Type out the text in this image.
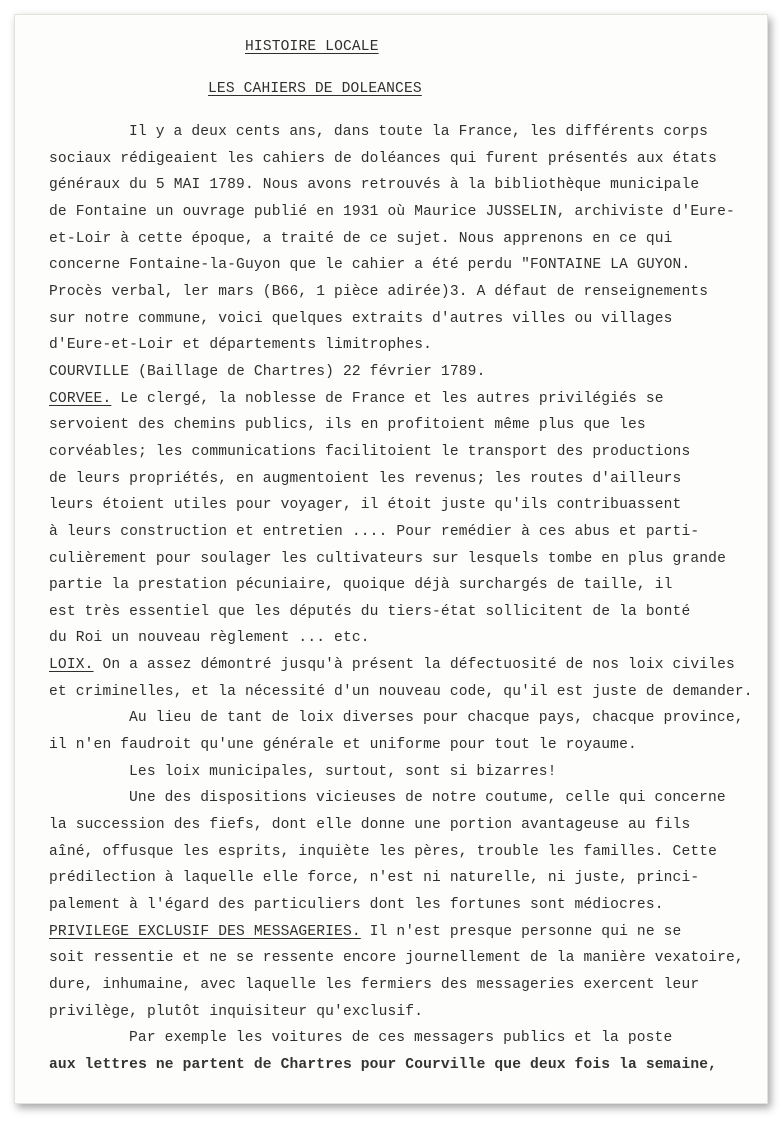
HISTOIRE LOCALE
LES CAHIERS DE DOLEANCES
Il y a deux cents ans, dans toute la France, les différents corps
sociaux rédigeaient les cahiers de doléances qui furent présentés aux états
généraux du 5 MAI 1789. Nous avons retrouvés à la bibliothèque municipale
de Fontaine un ouvrage publié en 1931 où Maurice JUSSELIN, archiviste d'Eure-
et-Loir à cette époque, a traité de ce sujet. Nous apprenons en ce qui
concerne Fontaine-la-Guyon que le cahier a été perdu "FONTAINE LA GUYON.
Procès verbal, ler mars (B66, 1 pièce adirée)3. A défaut de renseignements
sur notre commune, voici quelques extraits d'autres villes ou villages
d'Eure-et-Loir et départements limitrophes.
COURVILLE (Baillage de Chartres) 22 février 1789.
CORVEE. Le clergé, la noblesse de France et les autres privilégiés se
servoient des chemins publics, ils en profitoient même plus que les
corvéables; les communications facilitoient le transport des productions
de leurs propriétés, en augmentoient les revenus; les routes d'ailleurs
leurs étoient utiles pour voyager, il étoit juste qu'ils contribuassent
à leurs construction et entretien .... Pour remédier à ces abus et parti-
culièrement pour soulager les cultivateurs sur lesquels tombe en plus grande
partie la prestation pécuniaire, quoique déjà surchargés de taille, il
est très essentiel que les députés du tiers-état sollicitent de la bonté
du Roi un nouveau règlement ... etc.
LOIX. On a assez démontré jusqu'à présent la défectuosité de nos loix civiles
et criminelles, et la nécessité d'un nouveau code, qu'il est juste de demander.
Au lieu de tant de loix diverses pour chacque pays, chacque province,
il n'en faudroit qu'une générale et uniforme pour tout le royaume.
Les loix municipales, surtout, sont si bizarres!
Une des dispositions vicieuses de notre coutume, celle qui concerne
la succession des fiefs, dont elle donne une portion avantageuse au fils
aîné, offusque les esprits, inquiète les pères, trouble les familles. Cette
prédilection à laquelle elle force, n'est ni naturelle, ni juste, princi-
palement à l'égard des particuliers dont les fortunes sont médiocres.
PRIVILEGE EXCLUSIF DES MESSAGERIES. Il n'est presque personne qui ne se
soit ressentie et ne se ressente encore journellement de la manière vexatoire,
dure, inhumaine, avec laquelle les fermiers des messageries exercent leur
privilège, plutôt inquisiteur qu'exclusif.
Par exemple les voitures de ces messagers publics et la poste
aux lettres ne partent de Chartres pour Courville que deux fois la semaine,
